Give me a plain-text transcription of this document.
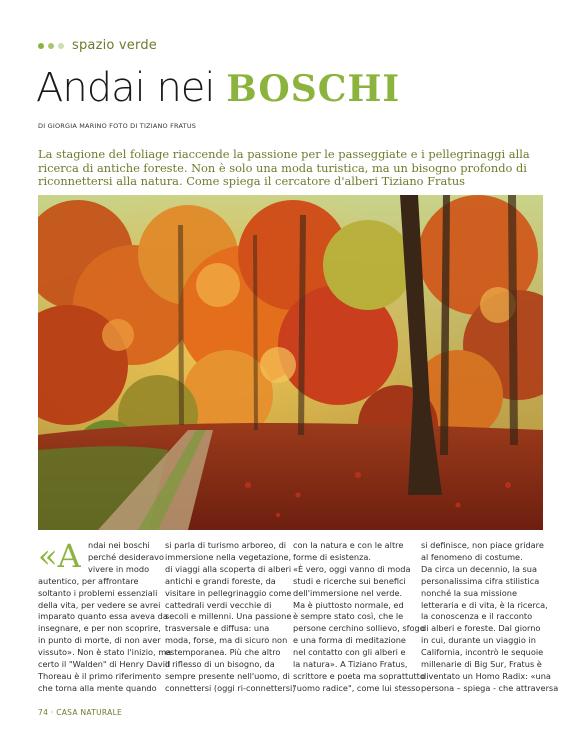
spazio verde
Andai nei BOSCHI
DI GIORGIA MARINO FOTO DI TIZIANO FRATUS
La stagione del foliage riaccende la passione per le passeggiate e i pellegrinaggi alla ricerca di antiche foreste. Non è solo una moda turistica, ma un bisogno profondo di riconnettersi alla natura. Come spiega il cercatore d'alberi Tiziano Fratus
«A ndai nei boschi
perché desideravo
vivere in modo
autentico, per affrontare
soltanto i problemi essenziali
della vita, per vedere se avrei
imparato quanto essa aveva da
insegnare, e per non scoprire,
in punto di morte, di non aver
vissuto». Non è stato l'inizio, ma
certo il "Walden" di Henry David
Thoreau è il primo riferimento
che torna alla mente quando
si parla di turismo arboreo, di
immersione nella vegetazione,
di viaggi alla scoperta di alberi
antichi e grandi foreste, da
visitare in pellegrinaggio come
cattedrali verdi vecchie di
secoli e millenni. Una passione
trasversale e diffusa: una
moda, forse, ma di sicuro non
estemporanea. Più che altro
il riflesso di un bisogno, da
sempre presente nell'uomo, di
connettersi (oggi ri-connettersi)
con la natura e con le altre
forme di esistenza.
«È vero, oggi vanno di moda
studi e ricerche sui benefici
dell'immersione nel verde.
Ma è piuttosto normale, ed
è sempre stato così, che le
persone cerchino sollievo, sfogo
e una forma di meditazione
nel contatto con gli alberi e
la natura». A Tiziano Fratus,
scrittore e poeta ma soprattutto
"uomo radice", come lui stesso
si definisce, non piace gridare
al fenomeno di costume.
Da circa un decennio, la sua
personalissima cifra stilistica
nonché la sua missione
letteraria e di vita, è la ricerca,
la conoscenza e il racconto
di alberi e foreste. Dal giorno
in cui, durante un viaggio in
California, incontrò le sequoie
millenarie di Big Sur, Fratus è
diventato un Homo Radix: «una
persona – spiega - che attraversa
74 · CASA NATURALE
